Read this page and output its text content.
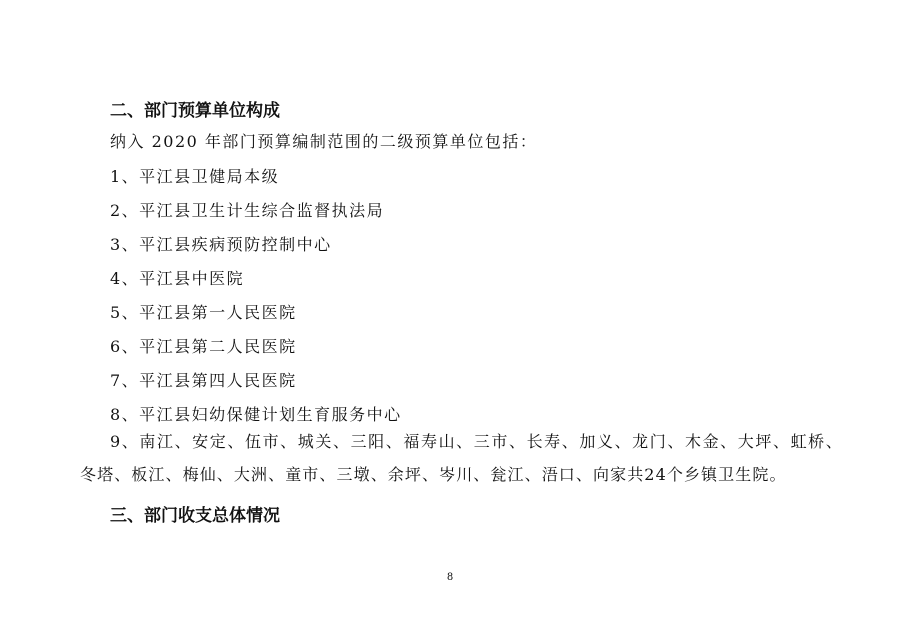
二、部门预算单位构成
纳入 2020 年部门预算编制范围的二级预算单位包括：
1、平江县卫健局本级
2、平江县卫生计生综合监督执法局
3、平江县疾病预防控制中心
4、平江县中医院
5、平江县第一人民医院
6、平江县第二人民医院
7、平江县第四人民医院
8、平江县妇幼保健计划生育服务中心
9、南江、安定、伍市、城关、三阳、福寿山、三市、长寿、加义、龙门、木金、大坪、虹桥、
冬塔、板江、梅仙、大洲、童市、三墩、余坪、岑川、瓮江、浯口、向家共24个乡镇卫生院。
三、部门收支总体情况
8
